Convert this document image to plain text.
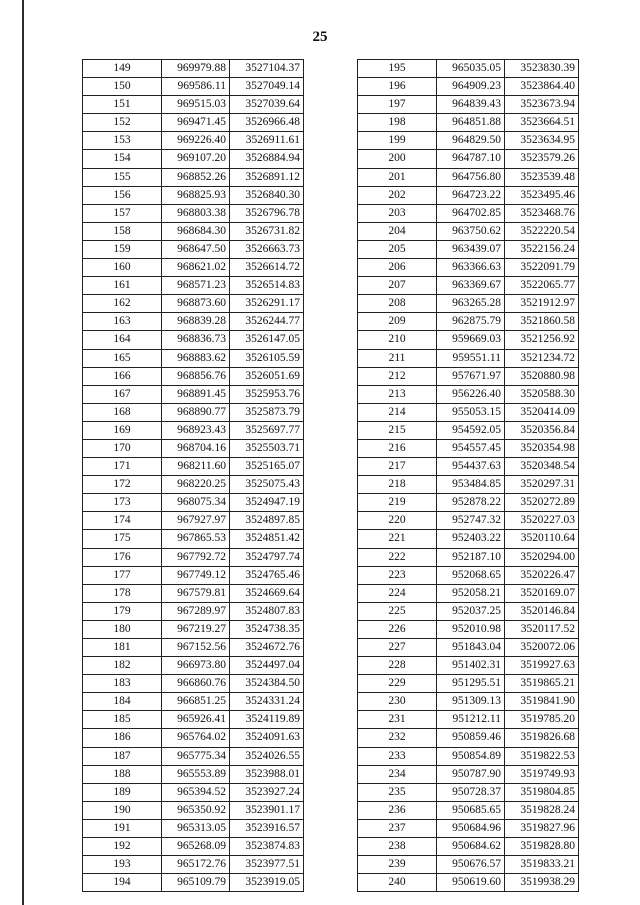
25
149	969979.88	3527104.37
150	969586.11	3527049.14
151	969515.03	3527039.64
152	969471.45	3526966.48
153	969226.40	3526911.61
154	969107.20	3526884.94
155	968852.26	3526891.12
156	968825.93	3526840.30
157	968803.38	3526796.78
158	968684.30	3526731.82
159	968647.50	3526663.73
160	968621.02	3526614.72
161	968571.23	3526514.83
162	968873.60	3526291.17
163	968839.28	3526244.77
164	968836.73	3526147.05
165	968883.62	3526105.59
166	968856.76	3526051.69
167	968891.45	3525953.76
168	968890.77	3525873.79
169	968923.43	3525697.77
170	968704.16	3525503.71
171	968211.60	3525165.07
172	968220.25	3525075.43
173	968075.34	3524947.19
174	967927.97	3524897.85
175	967865.53	3524851.42
176	967792.72	3524797.74
177	967749.12	3524765.46
178	967579.81	3524669.64
179	967289.97	3524807.83
180	967219.27	3524738.35
181	967152.56	3524672.76
182	966973.80	3524497.04
183	966860.76	3524384.50
184	966851.25	3524331.24
185	965926.41	3524119.89
186	965764.02	3524091.63
187	965775.34	3524026.55
188	965553.89	3523988.01
189	965394.52	3523927.24
190	965350.92	3523901.17
191	965313.05	3523916.57
192	965268.09	3523874.83
193	965172.76	3523977.51
194	965109.79	3523919.05
195	965035.05	3523830.39
196	964909.23	3523864.40
197	964839.43	3523673.94
198	964851.88	3523664.51
199	964829.50	3523634.95
200	964787.10	3523579.26
201	964756.80	3523539.48
202	964723.22	3523495.46
203	964702.85	3523468.76
204	963750.62	3522220.54
205	963439.07	3522156.24
206	963366.63	3522091.79
207	963369.67	3522065.77
208	963265.28	3521912.97
209	962875.79	3521860.58
210	959669.03	3521256.92
211	959551.11	3521234.72
212	957671.97	3520880.98
213	956226.40	3520588.30
214	955053.15	3520414.09
215	954592.05	3520356.84
216	954557.45	3520354.98
217	954437.63	3520348.54
218	953484.85	3520297.31
219	952878.22	3520272.89
220	952747.32	3520227.03
221	952403.22	3520110.64
222	952187.10	3520294.00
223	952068.65	3520226.47
224	952058.21	3520169.07
225	952037.25	3520146.84
226	952010.98	3520117.52
227	951843.04	3520072.06
228	951402.31	3519927.63
229	951295.51	3519865.21
230	951309.13	3519841.90
231	951212.11	3519785.20
232	950859.46	3519826.68
233	950854.89	3519822.53
234	950787.90	3519749.93
235	950728.37	3519804.85
236	950685.65	3519828.24
237	950684.96	3519827.96
238	950684.62	3519828.80
239	950676.57	3519833.21
240	950619.60	3519938.29
